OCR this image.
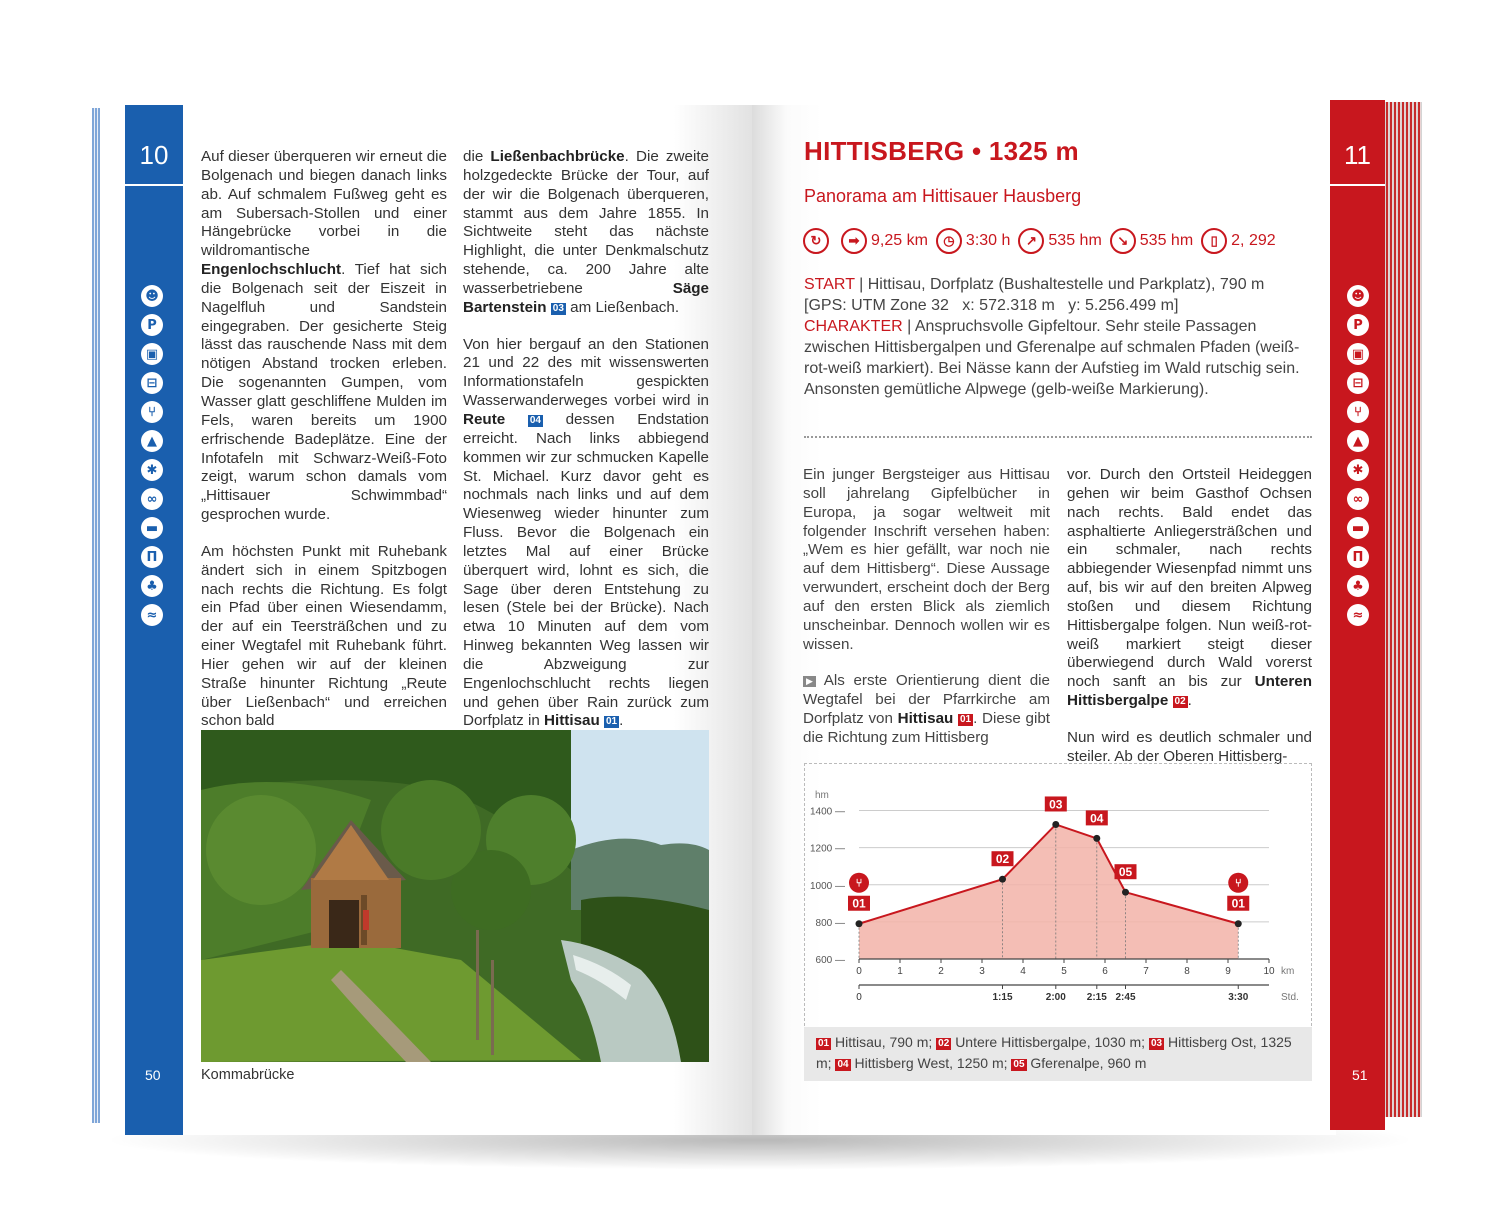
10
☻
P
▣
⊟
⑂
▲
✱
∞
▬
Π
♣
≈
50
11
☻
P
▣
⊟
⑂
▲
✱
∞
▬
Π
♣
≈
51

Auf dieser überqueren wir erneut die Bolgenach und biegen danach links ab. Auf schmalem Fußweg geht es am Subersach-Stollen und einer Hängebrücke vorbei in die wildromantische Engenlochschlucht. Tief hat sich die Bolgenach seit der Eiszeit in Nagelfluh und Sandstein eingegraben. Der gesicherte Steig lässt das rauschende Nass mit dem nötigen Abstand trocken erleben. Die sogenannten Gumpen, vom Wasser glatt geschliffene Mulden im Fels, waren bereits um 1900 erfrischende Badeplätze. Eine der Infotafeln mit Schwarz-Weiß-Foto zeigt, warum schon damals vom „Hittisauer Schwimmbad“ gesprochen wurde.

Am höchsten Punkt mit Ruhebank ändert sich in einem Spitzbogen nach rechts die Richtung. Es folgt ein Pfad über einen Wiesendamm, der auf ein Teersträßchen und zu einer Wegtafel mit Ruhebank führt. Hier gehen wir auf der kleinen Straße hinunter Richtung „Reute über Ließenbach“ und erreichen schon bald

die Ließenbachbrücke. Die zweite holzgedeckte Brücke der Tour, auf der wir die Bolgenach überqueren, stammt aus dem Jahre 1855. In Sichtweite steht das nächste Highlight, die unter Denkmalschutz stehende, ca. 200 Jahre alte wasserbetriebene Säge Bartenstein 03 am Ließenbach.

Von hier bergauf an den Stationen 21 und 22 des mit wissenswerten Informationstafeln gespickten Wasserwanderweges vorbei wird in Reute 04 dessen Endstation erreicht. Nach links abbiegend kommen wir zur schmucken Kapelle St. Michael. Kurz davor geht es nochmals nach links und auf dem Wiesenweg wieder hinunter zum Fluss. Bevor die Bolgenach ein letztes Mal auf einer Brücke überquert wird, lohnt es sich, die Sage über deren Entstehung zu lesen (Stele bei der Brücke). Nach etwa 10 Minuten auf dem vom Hinweg bekannten Weg lassen wir die Abzweigung zur Engenlochschlucht rechts liegen und gehen über Rain zurück zum Dorfplatz in Hittisau 01 .

Kommabrücke
HITTISBERG • 1325 m
Panorama am Hittisauer Hausberg
↻	➡ 9,25 km	◷ 3:30 h	↗ 535 hm	↘ 535 hm	▯ 2, 292
START | Hittisau, Dorfplatz (Bushaltestelle und Parkplatz), 790 m
[GPS: UTM Zone 32   x: 572.318 m   y: 5.256.499 m]
CHARAKTER | Anspruchsvolle Gipfeltour. Sehr steile Passagen zwischen Hittisbergalpen und Gferenalpe auf schmalen Pfaden (weiß-rot-weiß markiert). Bei Nässe kann der Aufstieg im Wald rutschig sein. Ansonsten gemütliche Alpwege (gelb-weiße Markierung).

Ein junger Bergsteiger aus Hittisau soll jahrelang Gipfelbücher in Europa, ja sogar weltweit mit folgender Inschrift versehen haben: „Wem es hier gefällt, war noch nie auf dem Hittisberg“. Diese Aussage verwundert, erscheint doch der Berg auf den ersten Blick als ziemlich unscheinbar. Dennoch wollen wir es wissen.

▶ Als erste Orientierung dient die Wegtafel bei der Pfarrkirche am Dorfplatz von Hittisau 01 . Diese gibt die Richtung zum Hittisberg

vor. Durch den Ortsteil Heideggen gehen wir beim Gasthof Ochsen nach rechts. Bald endet das asphaltierte Anliegersträßchen und ein schmaler, nach rechts abbiegender Wiesenpfad nimmt uns auf, bis wir auf den breiten Alpweg stoßen und diesem Richtung Hittisbergalpe folgen. Nun weiß-rot-weiß markiert steigt dieser überwiegend durch Wald vorerst noch sanft an bis zur Unteren Hittisbergalpe 02 .

Nun wird es deutlich schmaler und steiler. Ab der Oberen Hittisberg-

600 —
800 —
1000 —
1200 —
1400 —
hm
0	1	2	3	4	5	6	7	8	9	10 km
0	1:15	2:00 2:15 2:45	3:30	Std.
01
⑂
02
03
04
05
01
⑂
01 Hittisau, 790 m; 02 Untere Hittisbergalpe, 1030 m; 03 Hittisberg Ost, 1325 m; 04 Hittisberg West, 1250 m; 05 Gferenalpe, 960 m
